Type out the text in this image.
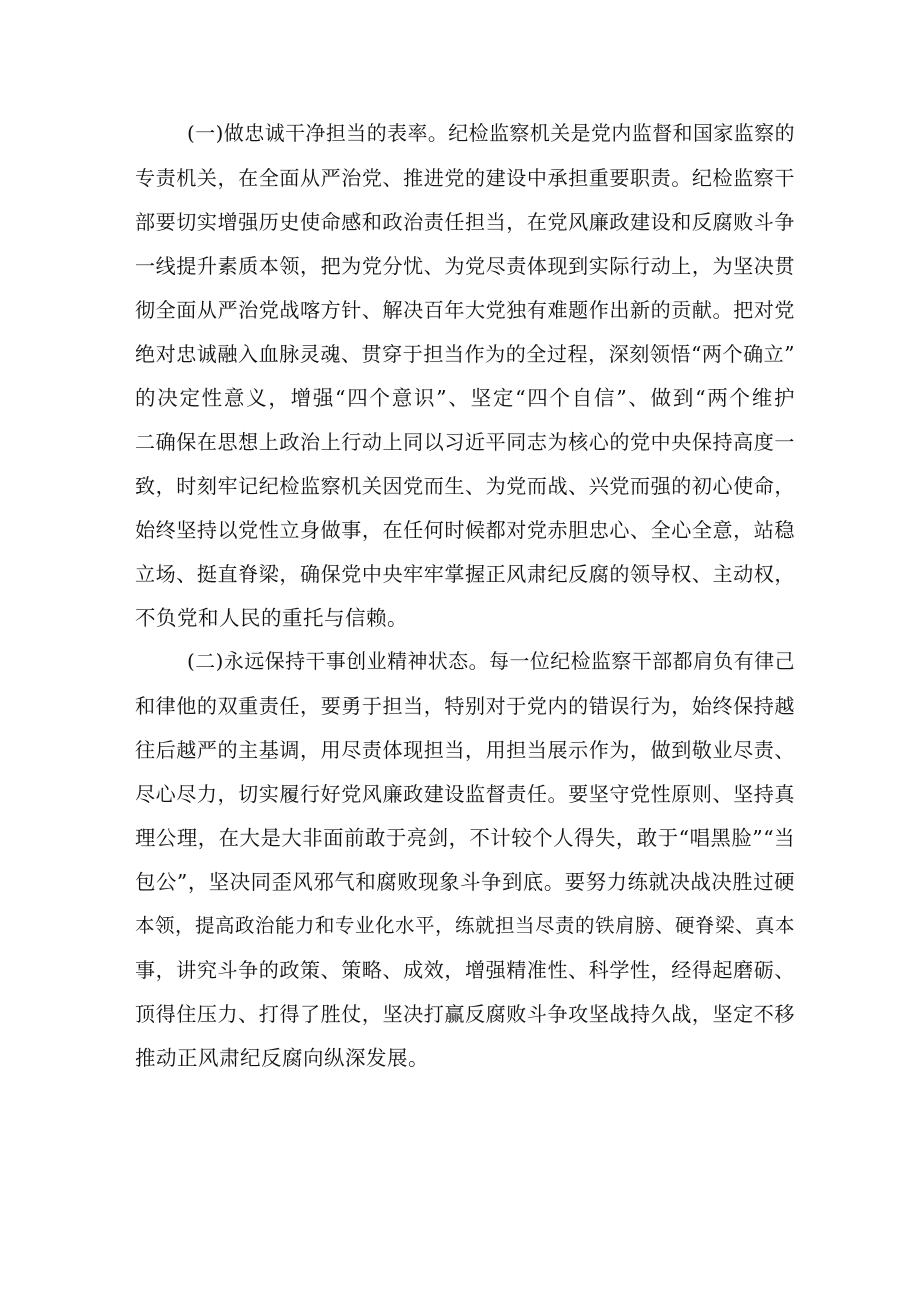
(一)做忠诚干净担当的表率。纪检监察机关是党内监督和国家监察的
专责机关，在全面从严治党、推进党的建设中承担重要职责。纪检监察干
部要切实增强历史使命感和政治责任担当，在党风廉政建设和反腐败斗争
一线提升素质本领，把为党分忧、为党尽责体现到实际行动上，为坚决贯
彻全面从严治党战喀方针、解决百年大党独有难题作出新的贡献。把对党
绝对忠诚融入血脉灵魂、贯穿于担当作为的全过程，深刻领悟“两个确立”
的决定性意义，增强“四个意识”、坚定“四个自信”、做到“两个维护
二确保在思想上政治上行动上同以习近平同志为核心的党中央保持高度一
致，时刻牢记纪检监察机关因党而生、为党而战、兴党而强的初心使命，
始终坚持以党性立身做事，在任何时候都对党赤胆忠心、全心全意，站稳
立场、挺直脊梁，确保党中央牢牢掌握正风肃纪反腐的领导权、主动权，
不负党和人民的重托与信赖。
(二)永远保持干事创业精神状态。每一位纪检监察干部都肩负有律己
和律他的双重责任，要勇于担当，特别对于党内的错误行为，始终保持越
往后越严的主基调，用尽责体现担当，用担当展示作为，做到敬业尽责、
尽心尽力，切实履行好党风廉政建设监督责任。要坚守党性原则、坚持真
理公理，在大是大非面前敢于亮剑，不计较个人得失，敢于“唱黑脸”“当
包公”，坚决同歪风邪气和腐败现象斗争到底。要努力练就决战决胜过硬
本领，提高政治能力和专业化水平，练就担当尽责的铁肩膀、硬脊梁、真本
事，讲究斗争的政策、策略、成效，增强精准性、科学性，经得起磨砺、
顶得住压力、打得了胜仗，坚决打赢反腐败斗争攻坚战持久战，坚定不移
推动正风肃纪反腐向纵深发展。
